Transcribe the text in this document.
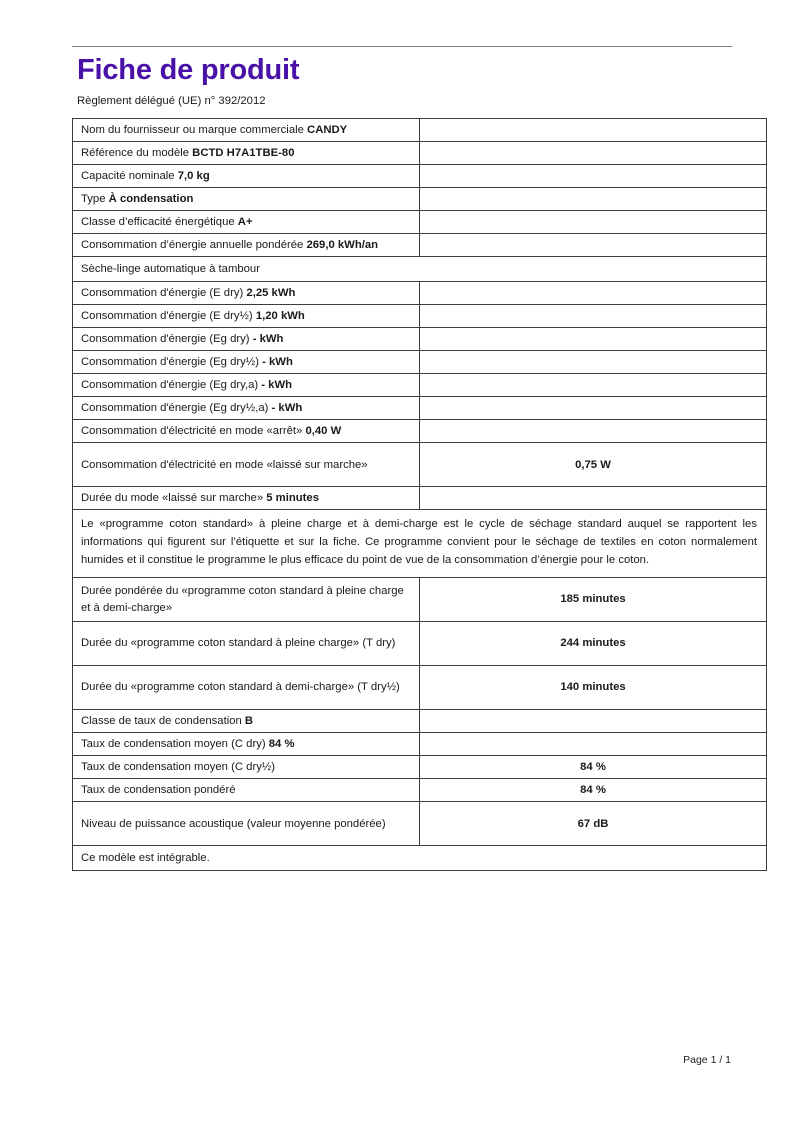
Fiche de produit
Règlement délégué (UE) n° 392/2012
Nom du fournisseur ou marque commerciale CANDY	
Référence du modèle BCTD H7A1TBE-80	
Capacité nominale 7,0 kg	
Type À condensation	
Classe d’efficacité énergétique A+	
Consommation d’énergie annuelle pondérée 269,0 kWh/an	
Sèche-linge automatique à tambour	
Consommation d'énergie (E dry) 2,25 kWh	
Consommation d'énergie (E dry½) 1,20 kWh	
Consommation d'énergie (Eg dry) - kWh	
Consommation d'énergie (Eg dry½) - kWh	
Consommation d'énergie (Eg dry,a) - kWh	
Consommation d'énergie (Eg dry½,a) - kWh	
Consommation d'électricité en mode «arrêt» 0,40 W	
Consommation d'électricité en mode «laissé sur marche»	0,75 W
Durée du mode «laissé sur marche» 5 minutes	
Le «programme coton standard» à pleine charge et à demi-charge est le cycle de séchage standard auquel se rapportent les informations qui figurent sur l’étiquette et sur la fiche. Ce programme convient pour le séchage de textiles en coton normalement humides et il constitue le programme le plus efficace du point de vue de la consommation d’énergie pour le coton.	
Durée pondérée du «programme coton standard à pleine charge et à demi-charge»	185 minutes
Durée du «programme coton standard à pleine charge» (T dry)	244 minutes
Durée du «programme coton standard à demi-charge» (T dry½)	140 minutes
Classe de taux de condensation B	
Taux de condensation moyen (C dry) 84 %	
Taux de condensation moyen (C dry½)	84 %
Taux de condensation pondéré	84 %
Niveau de puissance acoustique (valeur moyenne pondérée)	67 dB
Ce modèle est intégrable.	
Page 1 / 1
